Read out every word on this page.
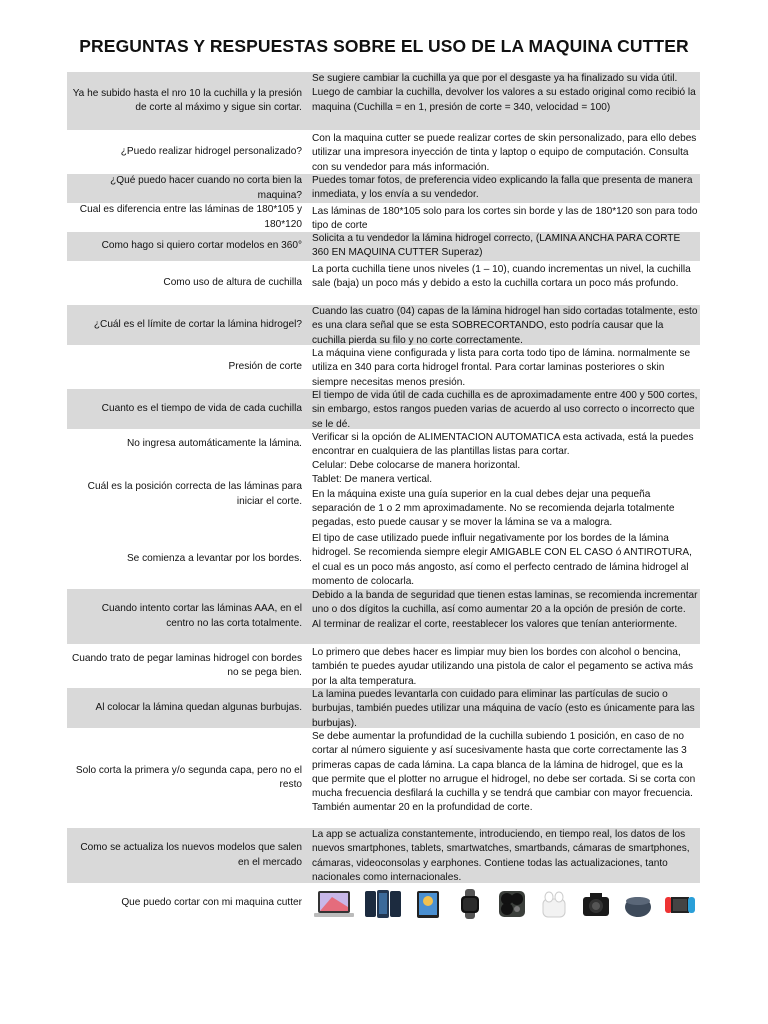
PREGUNTAS Y RESPUESTAS SOBRE EL USO DE LA MAQUINA CUTTER
Ya he subido hasta el nro 10 la cuchilla y la presión de corte al máximo y sigue sin cortar.
Se sugiere cambiar la cuchilla ya que por el desgaste ya ha finalizado su vida útil. Luego de cambiar la cuchilla, devolver los valores a su estado original como recibió la maquina (Cuchilla = en 1, presión de corte = 340, velocidad = 100)
¿Puedo realizar hidrogel personalizado?
Con la maquina cutter se puede realizar cortes de skin personalizado, para ello debes utilizar una impresora inyección de tinta y laptop o equipo de computación. Consulta con su vendedor para más información.
¿Qué puedo hacer cuando no corta bien la maquina?
Puedes tomar fotos, de preferencia video explicando la falla que presenta de manera inmediata, y los envía a su vendedor.
Cual es diferencia entre las láminas de 180*105 y 180*120
Las láminas de 180*105 solo para los cortes sin borde y las de 180*120 son para todo tipo de corte
Como hago si quiero cortar modelos en 360°
Solicita a tu vendedor la lámina hidrogel correcto, (LAMINA ANCHA PARA CORTE 360 EN MAQUINA CUTTER Superaz)
Como uso de altura de cuchilla
La porta cuchilla tiene unos niveles (1 – 10), cuando incrementas un nivel, la cuchilla sale (baja) un poco más y debido a esto la cuchilla cortara un poco más profundo.
¿Cuál es el límite de cortar la lámina hidrogel?
Cuando las cuatro (04) capas de la lámina hidrogel han sido cortadas totalmente, esto es una clara señal que se esta SOBRECORTANDO, esto podría causar que la cuchilla pierda su filo y no corte correctamente.
Presión de corte
La máquina viene configurada y lista para corta todo tipo de lámina. normalmente se utiliza en 340 para corta hidrogel frontal. Para cortar laminas posteriores o skin siempre necesitas menos presión.
Cuanto es el tiempo de vida de cada cuchilla
El tiempo de vida útil de cada cuchilla es de aproximadamente entre 400 y 500 cortes, sin embargo, estos rangos pueden varias de acuerdo al uso correcto o incorrecto que se le dé.
No ingresa automáticamente la lámina.
Verificar si la opción de ALIMENTACION AUTOMATICA esta activada, está la puedes encontrar en cualquiera de las plantillas listas para cortar.
Cuál es la posición correcta de las láminas para iniciar el corte.
Celular: Debe colocarse de manera horizontal.
Tablet: De manera vertical.
En la máquina existe una guía superior en la cual debes dejar una pequeña separación de 1 o 2 mm aproximadamente. No se recomienda dejarla totalmente pegadas, esto puede causar y se mover la lámina se va a malogra.
Se comienza a levantar por los bordes.
El tipo de case utilizado puede influir negativamente por los bordes de la lámina hidrogel. Se recomienda siempre elegir AMIGABLE CON EL CASO ó ANTIROTURA, el cual es un poco más angosto, así como el perfecto centrado de lámina hidrogel al momento de colocarla.
Cuando intento cortar las láminas AAA, en el centro no las corta totalmente.
Debido a la banda de seguridad que tienen estas laminas, se recomienda incrementar uno o dos dígitos la cuchilla, así como aumentar 20 a la opción de presión de corte.
Al terminar de realizar el corte, reestablecer los valores que tenían anteriormente.
Cuando trato de pegar laminas hidrogel con bordes no se pega bien.
Lo primero que debes hacer es limpiar muy bien los bordes con alcohol o bencina, también te puedes ayudar utilizando una pistola de calor el pegamento se activa más por la alta temperatura.
Al colocar la lámina quedan algunas burbujas.
La lamina puedes levantarla con cuidado para eliminar las partículas de sucio o burbujas, también puedes utilizar una máquina de vacío (esto es únicamente para las burbujas).
Solo corta la primera y/o segunda capa, pero no el resto
Se debe aumentar la profundidad de la cuchilla subiendo 1 posición, en caso de no cortar al número siguiente y así sucesivamente hasta que corte correctamente las 3 primeras capas de cada lámina. La capa blanca de la lámina de hidrogel, que es la que permite que el plotter no arrugue el hidrogel, no debe ser cortada. Si se corta con mucha frecuencia desfilará la cuchilla y se tendrá que cambiar con mayor frecuencia.
También aumentar 20 en la profundidad de corte.
Como se actualiza los nuevos modelos que salen en el mercado
La app se actualiza constantemente, introduciendo, en tiempo real, los datos de los nuevos smartphones, tablets, smartwatches, smartbands, cámaras de smartphones, cámaras, videoconsolas y earphones. Contiene todas las actualizaciones, tanto nacionales como internacionales.
Que puedo cortar con mi maquina cutter
